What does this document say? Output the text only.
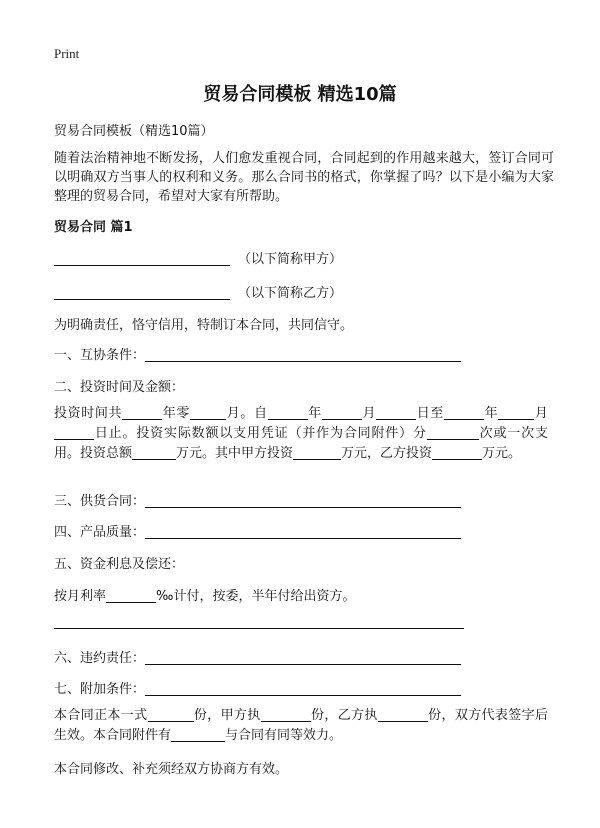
Print
贸易合同模板 精选10篇
贸易合同模板（精选10篇）
随着法治精神地不断发扬，人们愈发重视合同，合同起到的作用越来越大，签订合同可以明确双方当事人的权利和义务。那么合同书的格式，你掌握了吗？以下是小编为大家整理的贸易合同，希望对大家有所帮助。
贸易合同 篇1
（以下简称甲方）
（以下简称乙方）
为明确责任，恪守信用，特制订本合同，共同信守。
一、互协条件：
二、投资时间及金额：
投资时间共	年零	月。自	年	月	日至	年	月日止。投资实际数额以支用凭证（并作为合同附件）分	次或一次支用。投资总额	万元。其中甲方投资	万元，乙方投资	万元。
三、供货合同：
四、产品质量：
五、资金利息及偿还：
按月利率	‰计付，按委，半年付给出资方。
六、违约责任：
七、附加条件：
本合同正本一式	份，甲方执	份，乙方执	份，双方代表签字后生效。本合同附件有	与合同有同等效力。
本合同修改、补充须经双方协商方有效。
